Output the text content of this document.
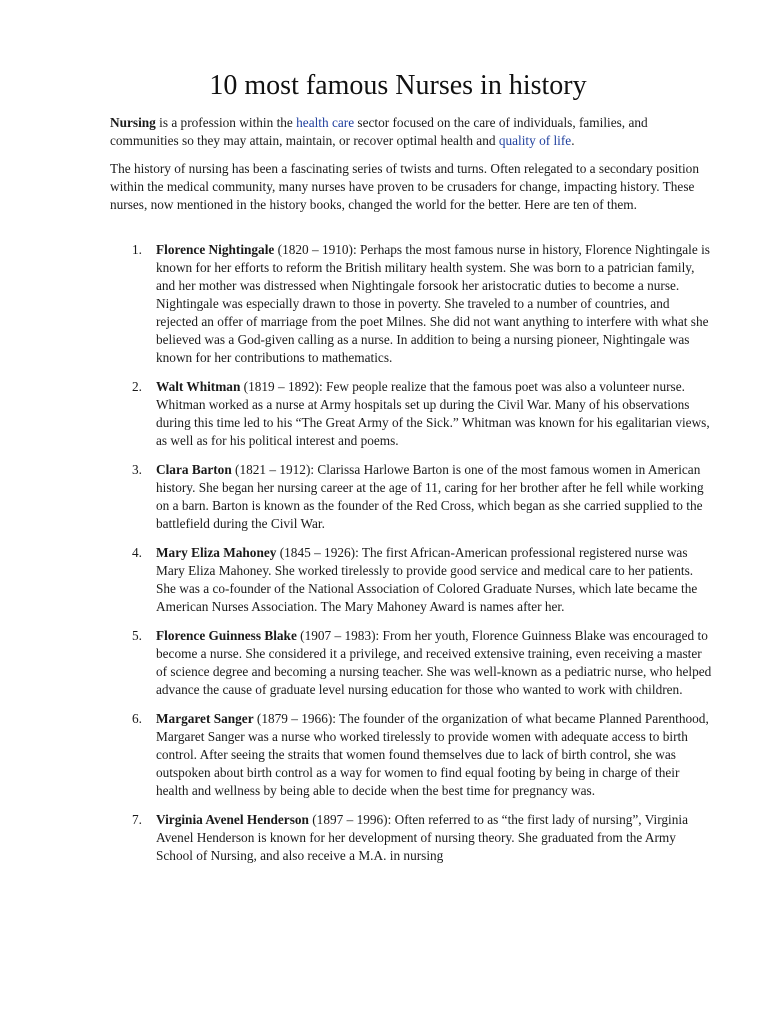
10 most famous Nurses in history

Nursing is a profession within the health care sector focused on the care of individuals, families, and communities so they may attain, maintain, or recover optimal health and quality of life.

The history of nursing has been a fascinating series of twists and turns. Often relegated to a secondary position within the medical community, many nurses have proven to be crusaders for change, impacting history. These nurses, now mentioned in the history books, changed the world for the better. Here are ten of them.

1. Florence Nightingale (1820 – 1910): Perhaps the most famous nurse in history, Florence Nightingale is known for her efforts to reform the British military health system. She was born to a patrician family, and her mother was distressed when Nightingale forsook her aristocratic duties to become a nurse. Nightingale was especially drawn to those in poverty. She traveled to a number of countries, and rejected an offer of marriage from the poet Milnes. She did not want anything to interfere with what she believed was a God-given calling as a nurse. In addition to being a nursing pioneer, Nightingale was known for her contributions to mathematics.
2. Walt Whitman (1819 – 1892): Few people realize that the famous poet was also a volunteer nurse. Whitman worked as a nurse at Army hospitals set up during the Civil War. Many of his observations during this time led to his “The Great Army of the Sick.” Whitman was known for his egalitarian views, as well as for his political interest and poems.
3. Clara Barton (1821 – 1912): Clarissa Harlowe Barton is one of the most famous women in American history. She began her nursing career at the age of 11, caring for her brother after he fell while working on a barn. Barton is known as the founder of the Red Cross, which began as she carried supplied to the battlefield during the Civil War.
4. Mary Eliza Mahoney (1845 – 1926): The first African-American professional registered nurse was Mary Eliza Mahoney. She worked tirelessly to provide good service and medical care to her patients. She was a co-founder of the National Association of Colored Graduate Nurses, which late became the American Nurses Association. The Mary Mahoney Award is names after her.
5. Florence Guinness Blake (1907 – 1983): From her youth, Florence Guinness Blake was encouraged to become a nurse. She considered it a privilege, and received extensive training, even receiving a master of science degree and becoming a nursing teacher. She was well-known as a pediatric nurse, who helped advance the cause of graduate level nursing education for those who wanted to work with children.
6. Margaret Sanger (1879 – 1966): The founder of the organization of what became Planned Parenthood, Margaret Sanger was a nurse who worked tirelessly to provide women with adequate access to birth control. After seeing the straits that women found themselves due to lack of birth control, she was outspoken about birth control as a way for women to find equal footing by being in charge of their health and wellness by being able to decide when the best time for pregnancy was.
7. Virginia Avenel Henderson (1897 – 1996): Often referred to as “the first lady of nursing”, Virginia Avenel Henderson is known for her development of nursing theory. She graduated from the Army School of Nursing, and also receive a M.A. in nursing
